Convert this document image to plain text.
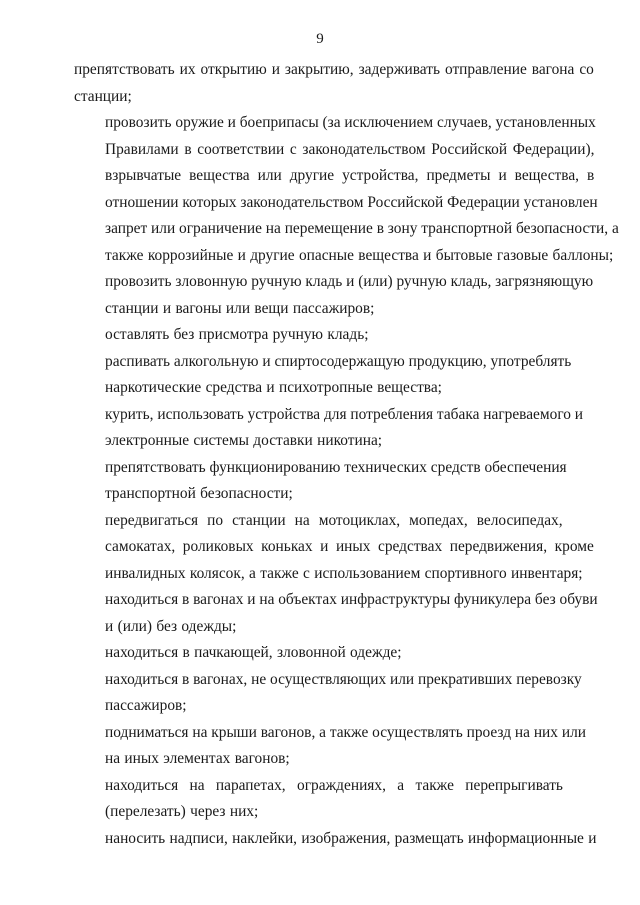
9

препятствовать их открытию и закрытию, задерживать отправление вагона со
станции;

провозить оружие и боеприпасы (за исключением случаев, установленных
Правилами в соответствии с законодательством Российской Федерации),
взрывчатые вещества или другие устройства, предметы и вещества, в
отношении которых законодательством Российской Федерации установлен
запрет или ограничение на перемещение в зону транспортной безопасности, а
также коррозийные и другие опасные вещества и бытовые газовые баллоны;

провозить зловонную ручную кладь и (или) ручную кладь, загрязняющую
станции и вагоны или вещи пассажиров;

оставлять без присмотра ручную кладь;

распивать алкогольную и спиртосодержащую продукцию, употреблять
наркотические средства и психотропные вещества;

курить, использовать устройства для потребления табака нагреваемого и
электронные системы доставки никотина;

препятствовать функционированию технических средств обеспечения
транспортной безопасности;

передвигаться по станции на мотоциклах, мопедах, велосипедах,
самокатах, роликовых коньках и иных средствах передвижения, кроме
инвалидных колясок, а также с использованием спортивного инвентаря;

находиться в вагонах и на объектах инфраструктуры фуникулера без обуви
и (или) без одежды;

находиться в пачкающей, зловонной одежде;

находиться в вагонах, не осуществляющих или прекративших перевозку
пассажиров;

подниматься на крыши вагонов, а также осуществлять проезд на них или
на иных элементах вагонов;

находиться на парапетах, ограждениях, а также перепрыгивать
(перелезать) через них;

наносить надписи, наклейки, изображения, размещать информационные и
